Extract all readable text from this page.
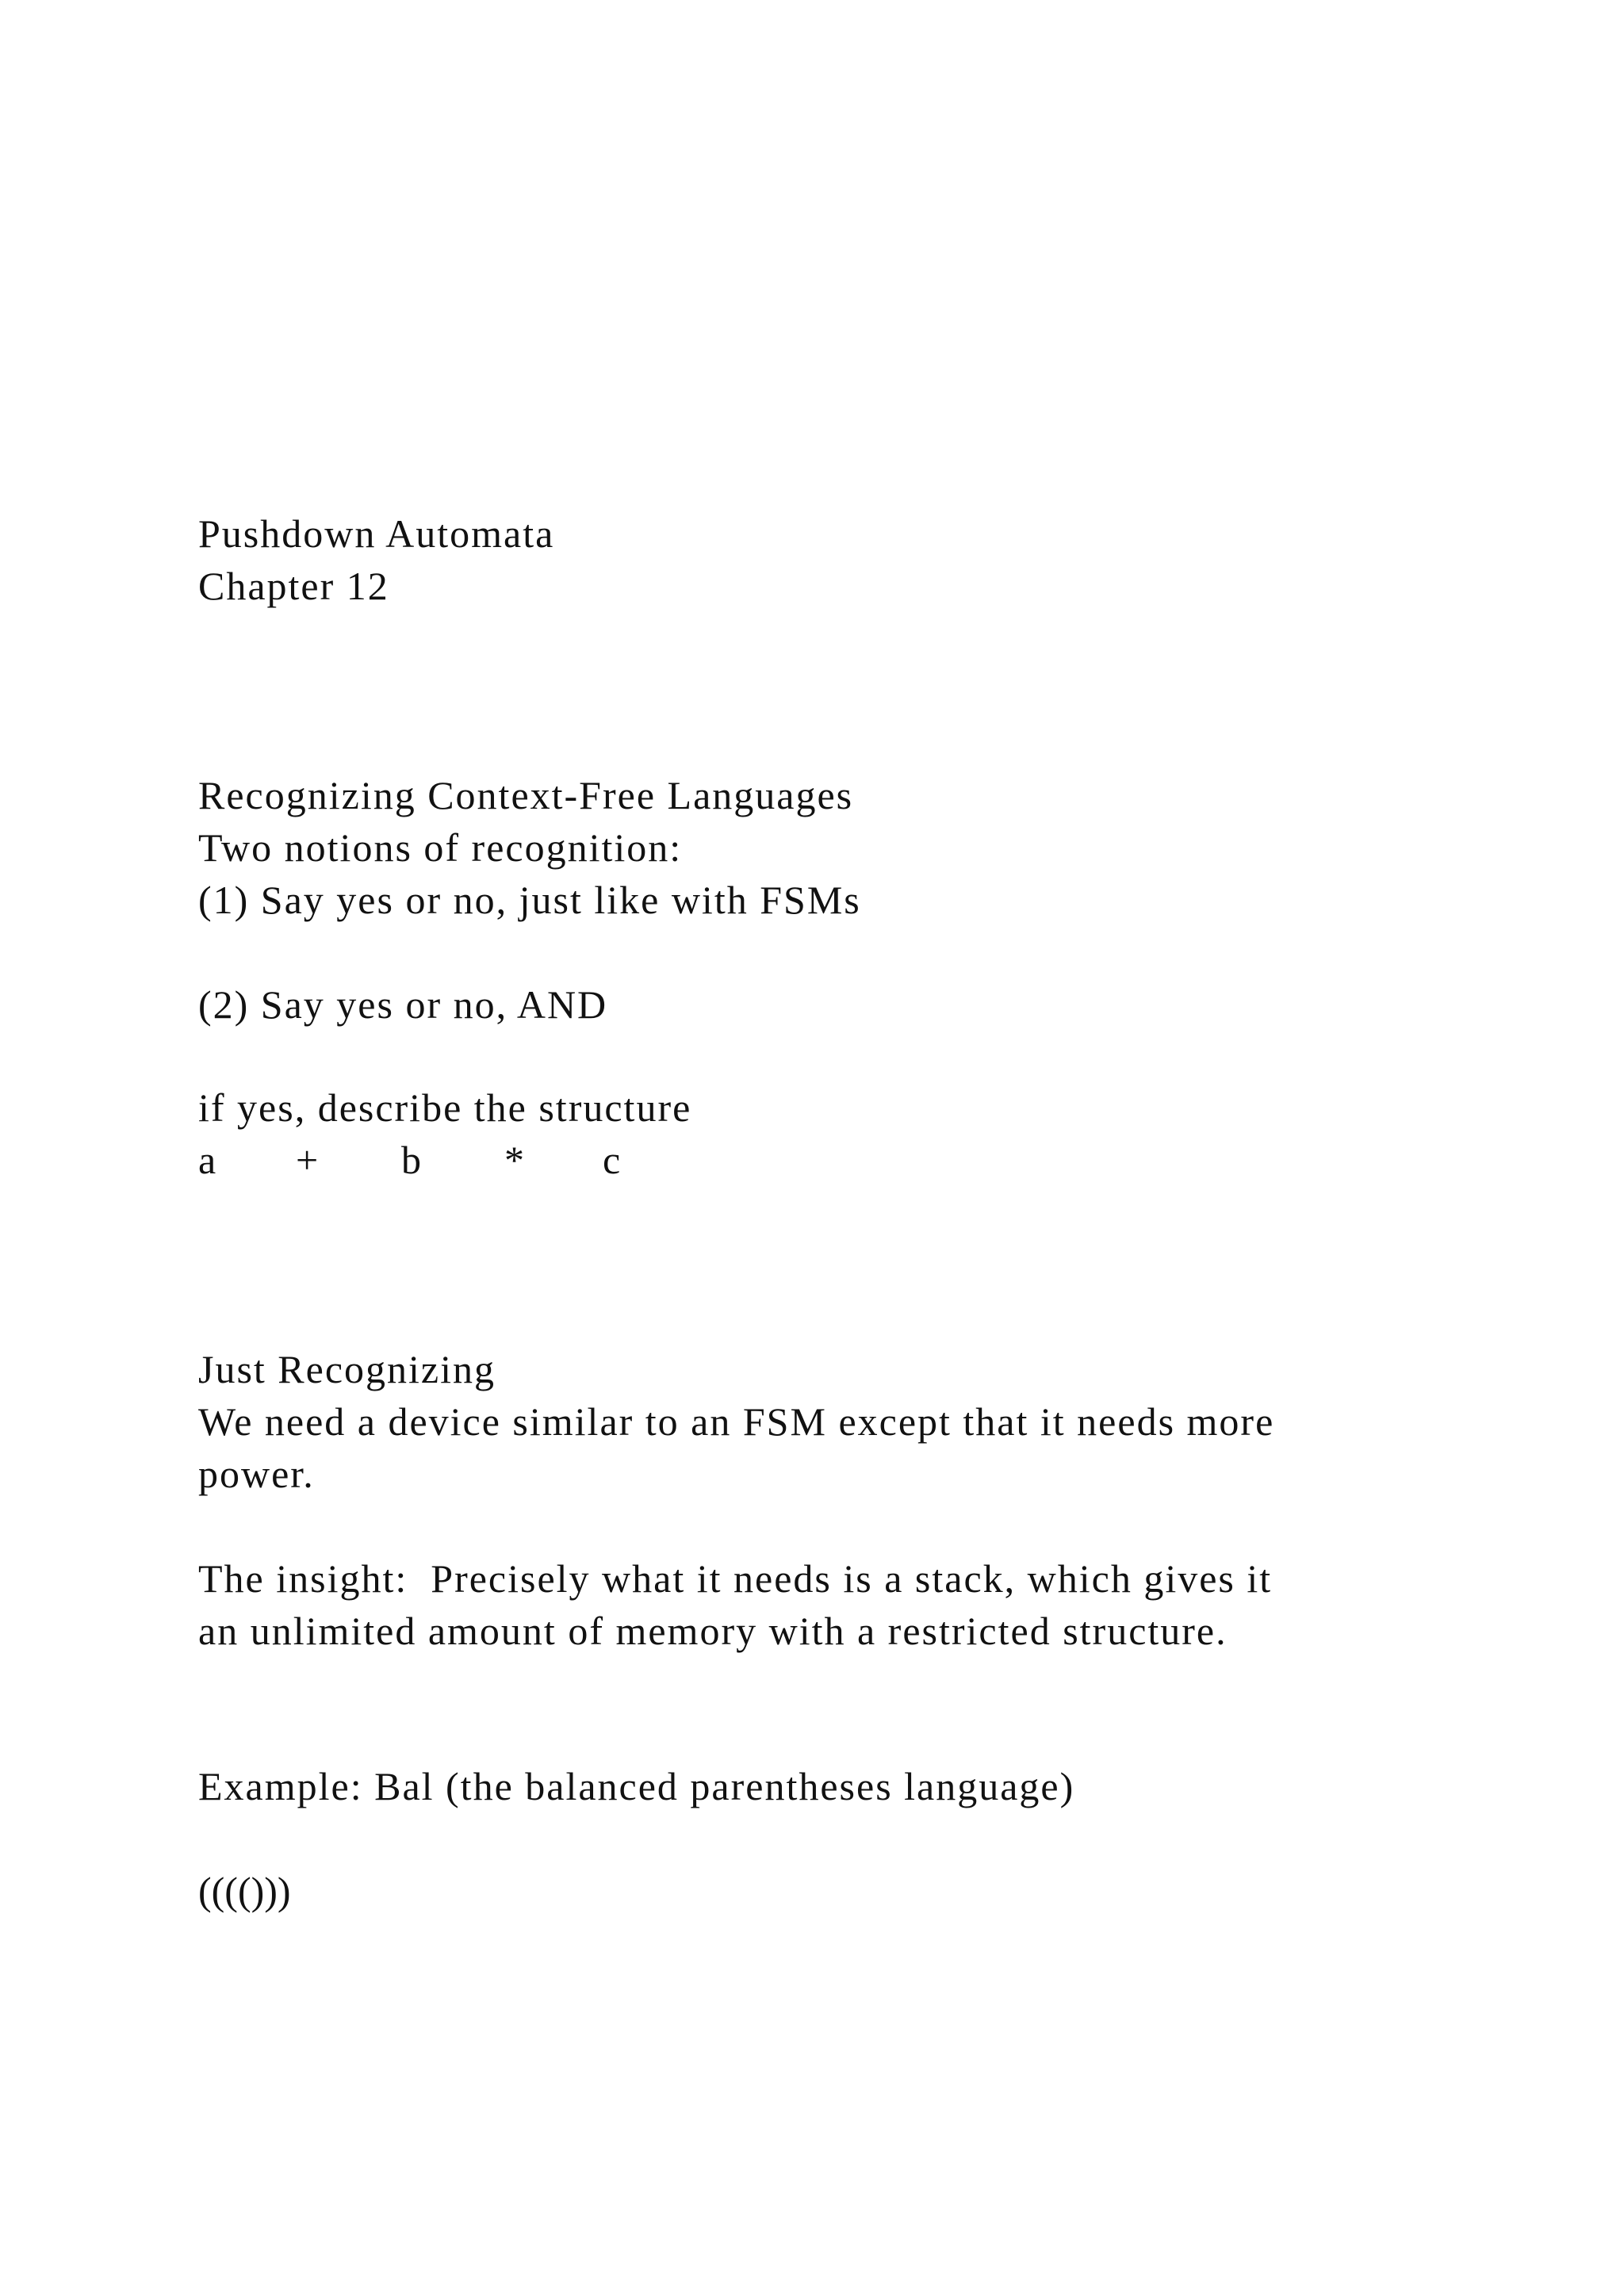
Pushdown Automata

Chapter 12

Recognizing Context-Free Languages

Two notions of recognition:

(1) Say yes or no, just like with FSMs

(2) Say yes or no, AND

if yes, describe the structure

a + b * c

Just Recognizing

We need a device similar to an FSM except that it needs more

power.

The insight:  Precisely what it needs is a stack, which gives it

an unlimited amount of memory with a restricted structure.

Example: Bal (the balanced parentheses language)

(((()))
